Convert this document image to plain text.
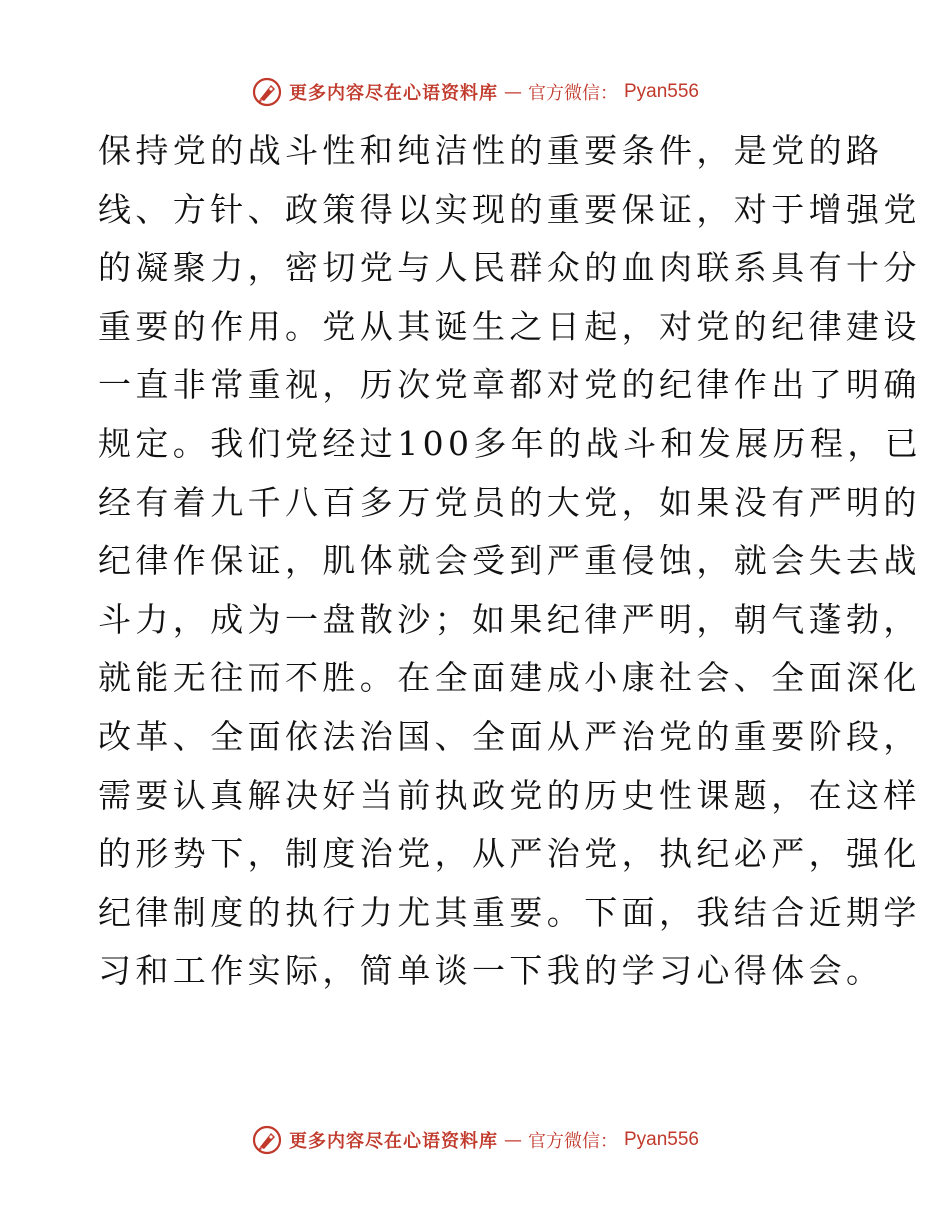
更多内容尽在心语资料库 — 官方微信： Pyan556
保持党的战斗性和纯洁性的重要条件，是党的路
线、方针、政策得以实现的重要保证，对于增强党
的凝聚力，密切党与人民群众的血肉联系具有十分
重要的作用。党从其诞生之日起，对党的纪律建设
一直非常重视，历次党章都对党的纪律作出了明确
规定。我们党经过100多年的战斗和发展历程，已
经有着九千八百多万党员的大党，如果没有严明的
纪律作保证，肌体就会受到严重侵蚀，就会失去战
斗力，成为一盘散沙；如果纪律严明，朝气蓬勃，
就能无往而不胜。在全面建成小康社会、全面深化
改革、全面依法治国、全面从严治党的重要阶段，
需要认真解决好当前执政党的历史性课题，在这样
的形势下，制度治党，从严治党，执纪必严，强化
纪律制度的执行力尤其重要。下面，我结合近期学
习和工作实际，简单谈一下我的学习心得体会。
更多内容尽在心语资料库 — 官方微信： Pyan556
